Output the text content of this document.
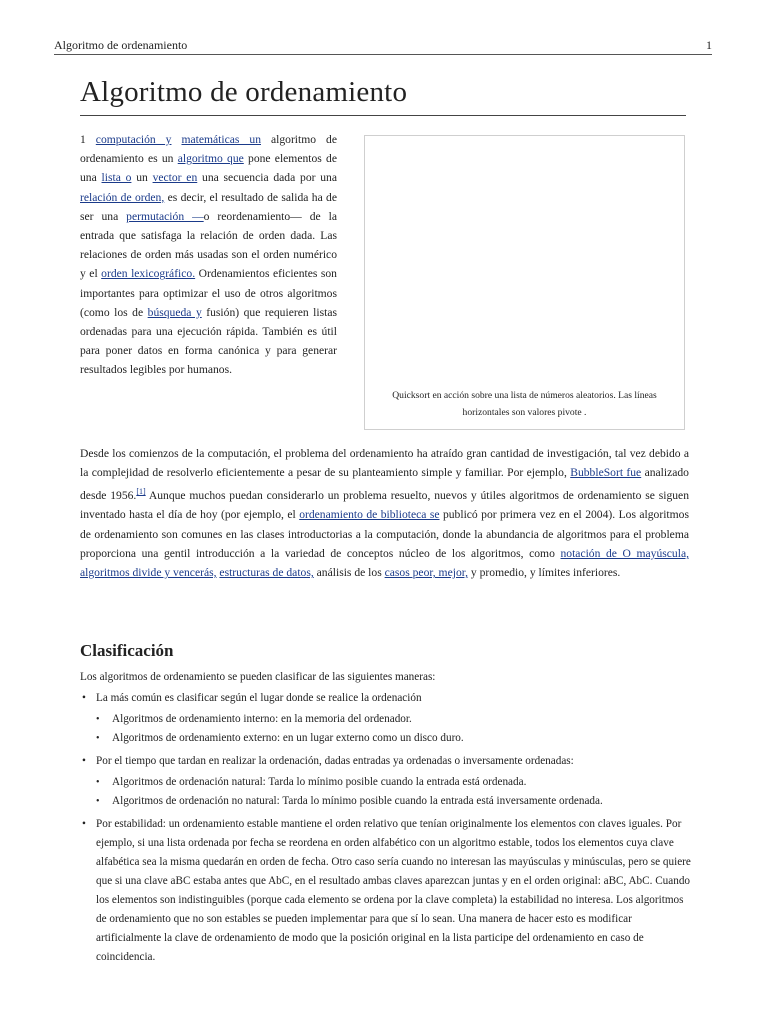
Algoritmo de ordenamiento	1
Algoritmo de ordenamiento

1 computación y matemáticas un algoritmo de ordenamiento es un algoritmo que pone elementos de una lista o un vector en una secuencia dada por una relación de orden, es decir, el resultado de salida ha de ser una permutación —o reordenamiento— de la entrada que satisfaga la relación de orden dada. Las relaciones de orden más usadas son el orden numérico y el orden lexicográfico. Ordenamientos eficientes son importantes para optimizar el uso de otros algoritmos (como los de búsqueda y fusión) que requieren listas ordenadas para una ejecución rápida. También es útil para poner datos en forma canónica y para generar resultados legibles por humanos.

Quicksort en acción sobre una lista de números aleatorios. Las líneas horizontales son valores pivote .

Desde los comienzos de la computación, el problema del ordenamiento ha atraído gran cantidad de investigación, tal vez debido a la complejidad de resolverlo eficientemente a pesar de su planteamiento simple y familiar. Por ejemplo, BubbleSort fue analizado desde 1956.[1] Aunque muchos puedan considerarlo un problema resuelto, nuevos y útiles algoritmos de ordenamiento se siguen inventado hasta el día de hoy (por ejemplo, el ordenamiento de biblioteca se publicó por primera vez en el 2004). Los algoritmos de ordenamiento son comunes en las clases introductorias a la computación, donde la abundancia de algoritmos para el problema proporciona una gentil introducción a la variedad de conceptos núcleo de los algoritmos, como notación de O mayúscula, algoritmos divide y vencerás, estructuras de datos, análisis de los casos peor, mejor, y promedio, y límites inferiores.

Clasificación

Los algoritmos de ordenamiento se pueden clasificar de las siguientes maneras:

• La más común es clasificar según el lugar donde se realice la ordenación
• Algoritmos de ordenamiento interno: en la memoria del ordenador.
• Algoritmos de ordenamiento externo: en un lugar externo como un disco duro.
• Por el tiempo que tardan en realizar la ordenación, dadas entradas ya ordenadas o inversamente ordenadas:
• Algoritmos de ordenación natural: Tarda lo mínimo posible cuando la entrada está ordenada.
• Algoritmos de ordenación no natural: Tarda lo mínimo posible cuando la entrada está inversamente ordenada.
• Por estabilidad: un ordenamiento estable mantiene el orden relativo que tenían originalmente los elementos con claves iguales. Por ejemplo, si una lista ordenada por fecha se reordena en orden alfabético con un algoritmo estable, todos los elementos cuya clave alfabética sea la misma quedarán en orden de fecha. Otro caso sería cuando no interesan las mayúsculas y minúsculas, pero se quiere que si una clave aBC estaba antes que AbC, en el resultado ambas claves aparezcan juntas y en el orden original: aBC, AbC. Cuando los elementos son indistinguibles (porque cada elemento se ordena por la clave completa) la estabilidad no interesa. Los algoritmos de ordenamiento que no son estables se pueden implementar para que sí lo sean. Una manera de hacer esto es modificar artificialmente la clave de ordenamiento de modo que la posición original en la lista participe del ordenamiento en caso de coincidencia.
